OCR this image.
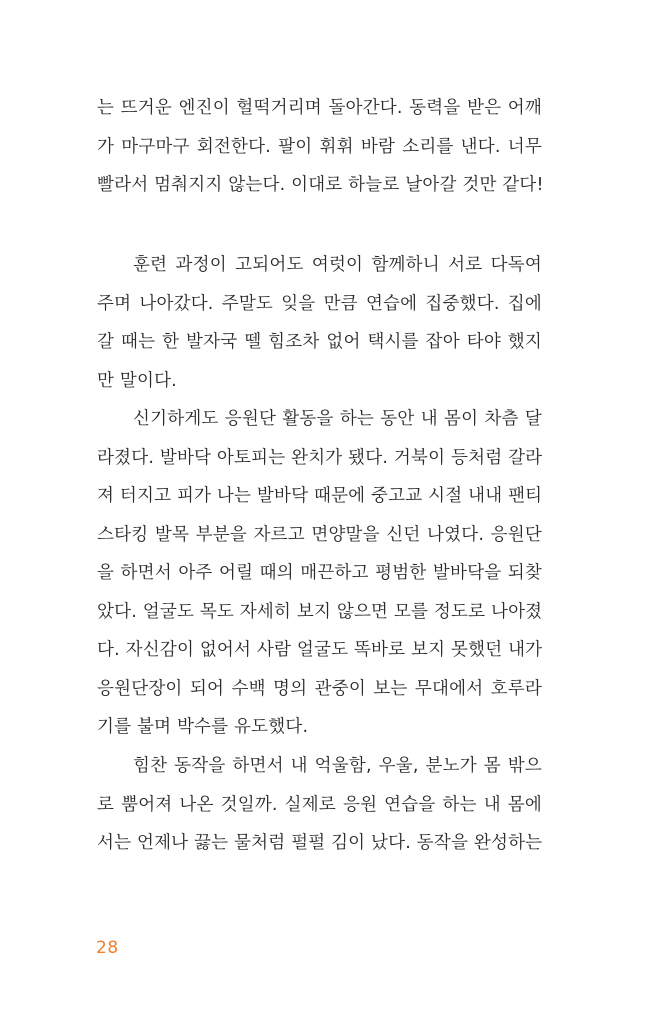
는 뜨거운 엔진이 헐떡거리며 돌아간다. 동력을 받은 어깨
가 마구마구 회전한다. 팔이 휘휘 바람 소리를 낸다. 너무
빨라서 멈춰지지 않는다. 이대로 하늘로 날아갈 것만 같다!
훈련 과정이 고되어도 여럿이 함께하니 서로 다독여
주며 나아갔다. 주말도 잊을 만큼 연습에 집중했다. 집에
갈 때는 한 발자국 뗄 힘조차 없어 택시를 잡아 타야 했지
만 말이다.
신기하게도 응원단 활동을 하는 동안 내 몸이 차츰 달
라졌다. 발바닥 아토피는 완치가 됐다. 거북이 등처럼 갈라
져 터지고 피가 나는 발바닥 때문에 중고교 시절 내내 팬티
스타킹 발목 부분을 자르고 면양말을 신던 나였다. 응원단
을 하면서 아주 어릴 때의 매끈하고 평범한 발바닥을 되찾
았다. 얼굴도 목도 자세히 보지 않으면 모를 정도로 나아졌
다. 자신감이 없어서 사람 얼굴도 똑바로 보지 못했던 내가
응원단장이 되어 수백 명의 관중이 보는 무대에서 호루라
기를 불며 박수를 유도했다.
힘찬 동작을 하면서 내 억울함, 우울, 분노가 몸 밖으
로 뿜어져 나온 것일까. 실제로 응원 연습을 하는 내 몸에
서는 언제나 끓는 물처럼 펄펄 김이 났다. 동작을 완성하는
28
